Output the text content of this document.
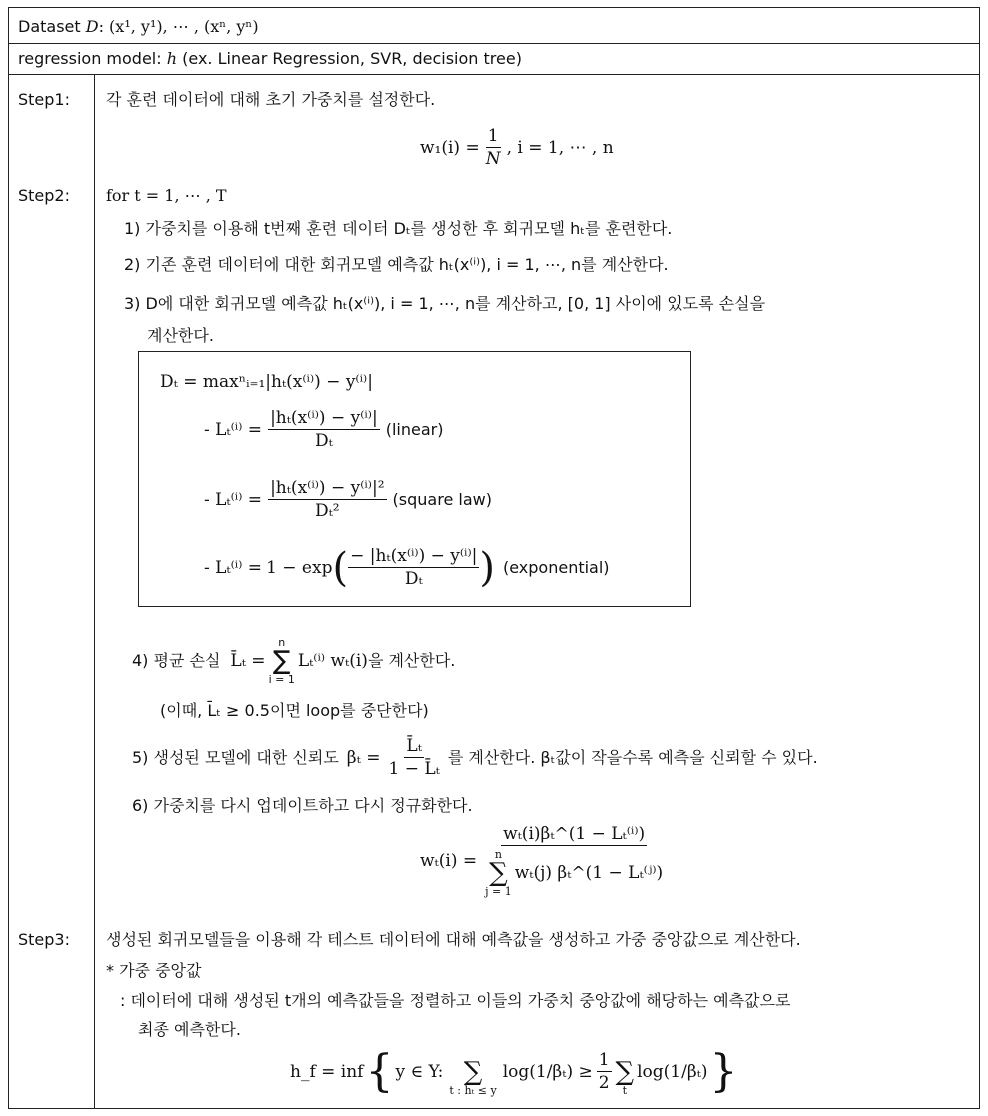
Dataset D: (x¹, y¹), ⋯ , (xⁿ, yⁿ)
regression model: h (ex. Linear Regression, SVR, decision tree)
Step1: 각 훈련 데이터에 대해 초기 가중치를 설정한다.
$w_1(i) = \frac{1}{N}$ , i = 1, ⋯ , n
Step2: for t = 1, ⋯ , T
1) 가중치를 이용해 t번째 훈련 데이터 Dₜ를 생성한 후 회귀모델 hₜ를 훈련한다.
2) 기존 훈련 데이터에 대한 회귀모델 예측값 hₜ(x⁽ⁱ⁾), i = 1, ⋯, n를 계산한다.
3) D에 대한 회귀모델 예측값 hₜ(x⁽ⁱ⁾), i = 1, ⋯, n를 계산하고, [0, 1] 사이에 있도록 손실을
계산한다.
Dₜ = maxⁿᵢ₌₁|hₜ(x⁽ⁱ⁾) − y⁽ⁱ⁾|
- $L_t^{(i)} = \frac{\text{|hₜ(x⁽ⁱ⁾) − y⁽ⁱ⁾|}}{\text{Dₜ}}$ (linear)
- $L_t^{(i)} = \frac{\text{|hₜ(x⁽ⁱ⁾) − y⁽ⁱ⁾|²}}{\text{Dₜ²}}$ (square law)
- Lₜ⁽ⁱ⁾ = 1 − exp ( $\frac{\text{− |hₜ(x⁽ⁱ⁾) − y⁽ⁱ⁾|}}{\text{Dₜ}}$ ) (exponential)
4) 평균 손실 L̄ₜ =
n
∑
i = 1
Lₜ⁽ⁱ⁾ wₜ(i) 을 계산한다.
(이때, L̄ₜ ≥ 0.5이면 loop를 중단한다)
5) 생성된 모델에 대한 신뢰도 $\beta_t = \frac{\text{L̄ₜ}}{\text{1 − L̄ₜ}}$ 를 계산한다. βₜ값이 작을수록 예측을 신뢰할 수 있다.
6) 가중치를 다시 업데이트하고 다시 정규화한다.
wₜ(i) = wₜ(i)βₜ^(1 − Lₜ⁽ⁱ⁾)
n
∑
j = 1
wₜ(j) βₜ^(1 − Lₜ⁽ʲ⁾)
Step3: 생성된 회귀모델들을 이용해 각 테스트 데이터에 대해 예측값을 생성하고 가중 중앙값으로 계산한다.
* 가중 중앙값
: 데이터에 대해 생성된 t개의 예측값들을 정렬하고 이들의 가중치 중앙값에 해당하는 예측값으로
최종 예측한다.
h_f = inf { y ∈ Y:
∑
t : hₜ ≤ y
$\log(1/\beta_t) \ge \frac{1}{2}$
∑
t
log(1/βₜ) }
